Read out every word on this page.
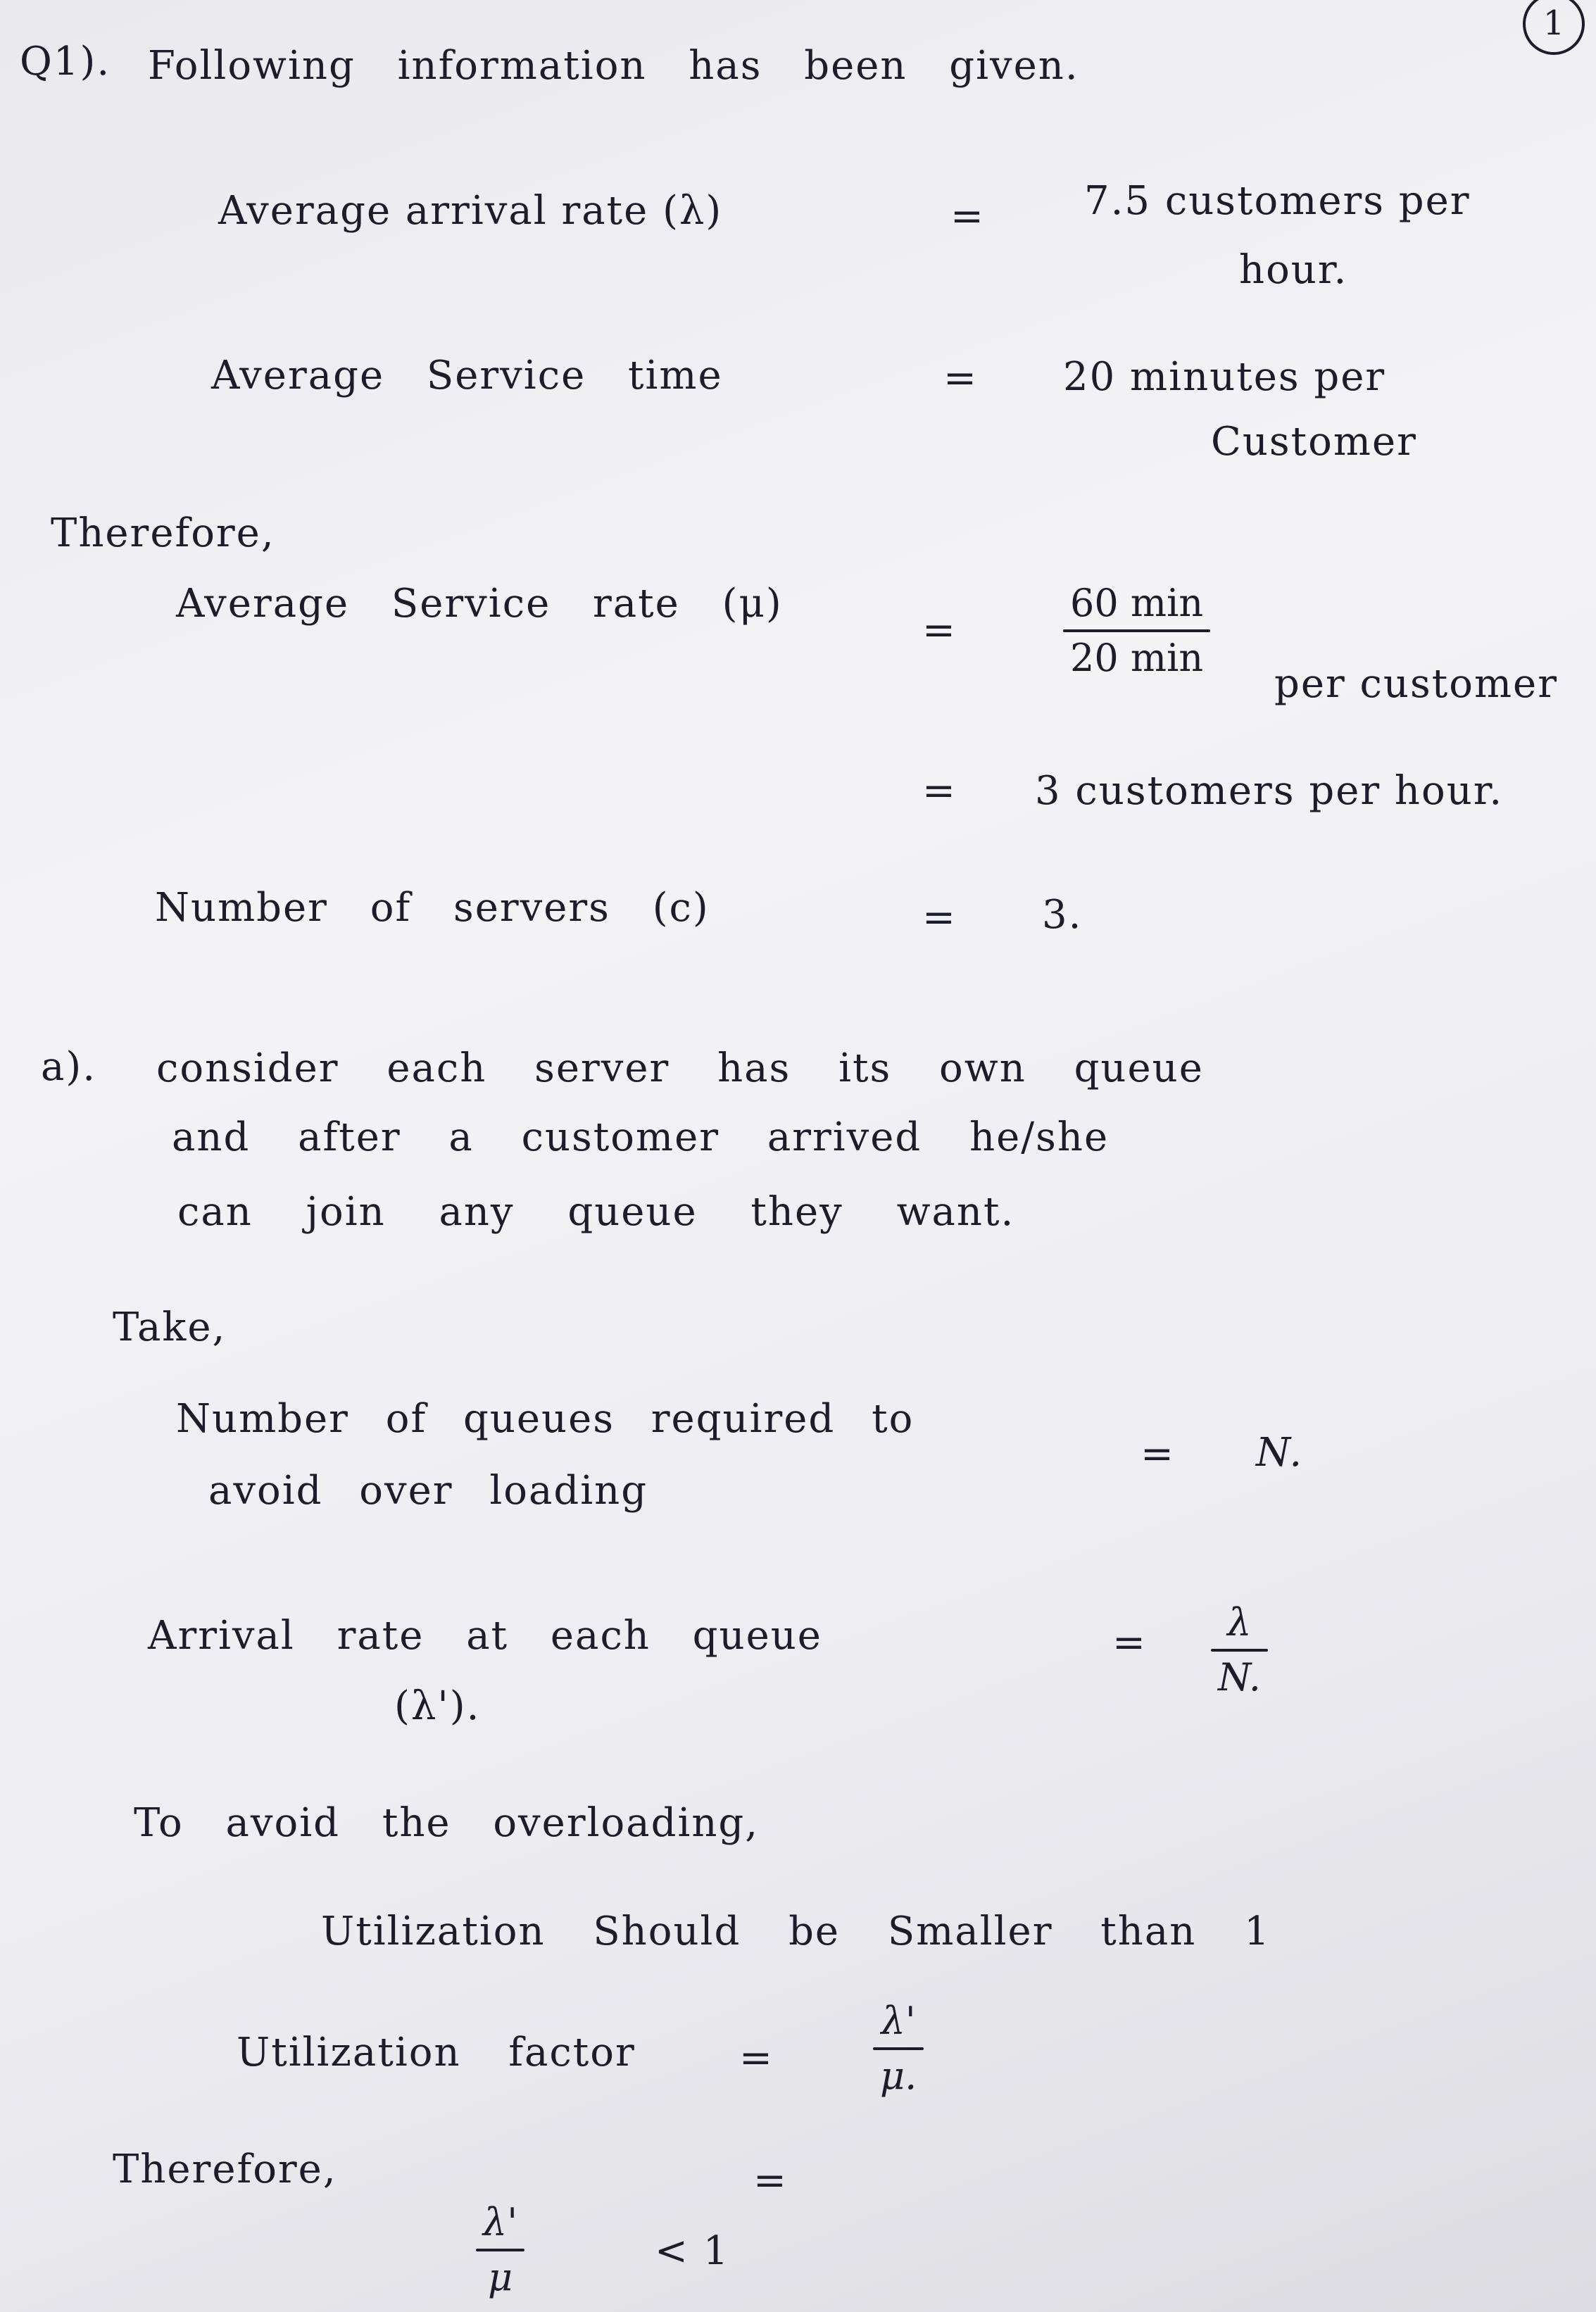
1
Q1). Following information has been given.
Average arrival rate (λ)	=	7.5 customers per
hour.
Average Service time	= 20 minutes per
Customer
Therefore,
Average Service rate (μ)
=
60 min
20 min
per customer
= 3 customers per hour.
Number of servers (c)	= 3.
a). consider each server has its own queue
and after a customer arrived he/she
can join any queue they want.
Take,
Number of queues required to
avoid over loading
= N.
Arrival rate at each queue
(λ').
=	λ
N.
To avoid the overloading,
Utilization Should be Smaller than 1
Utilization factor	=
λ'
μ.
Therefore,	=
λ'
μ
< 1
